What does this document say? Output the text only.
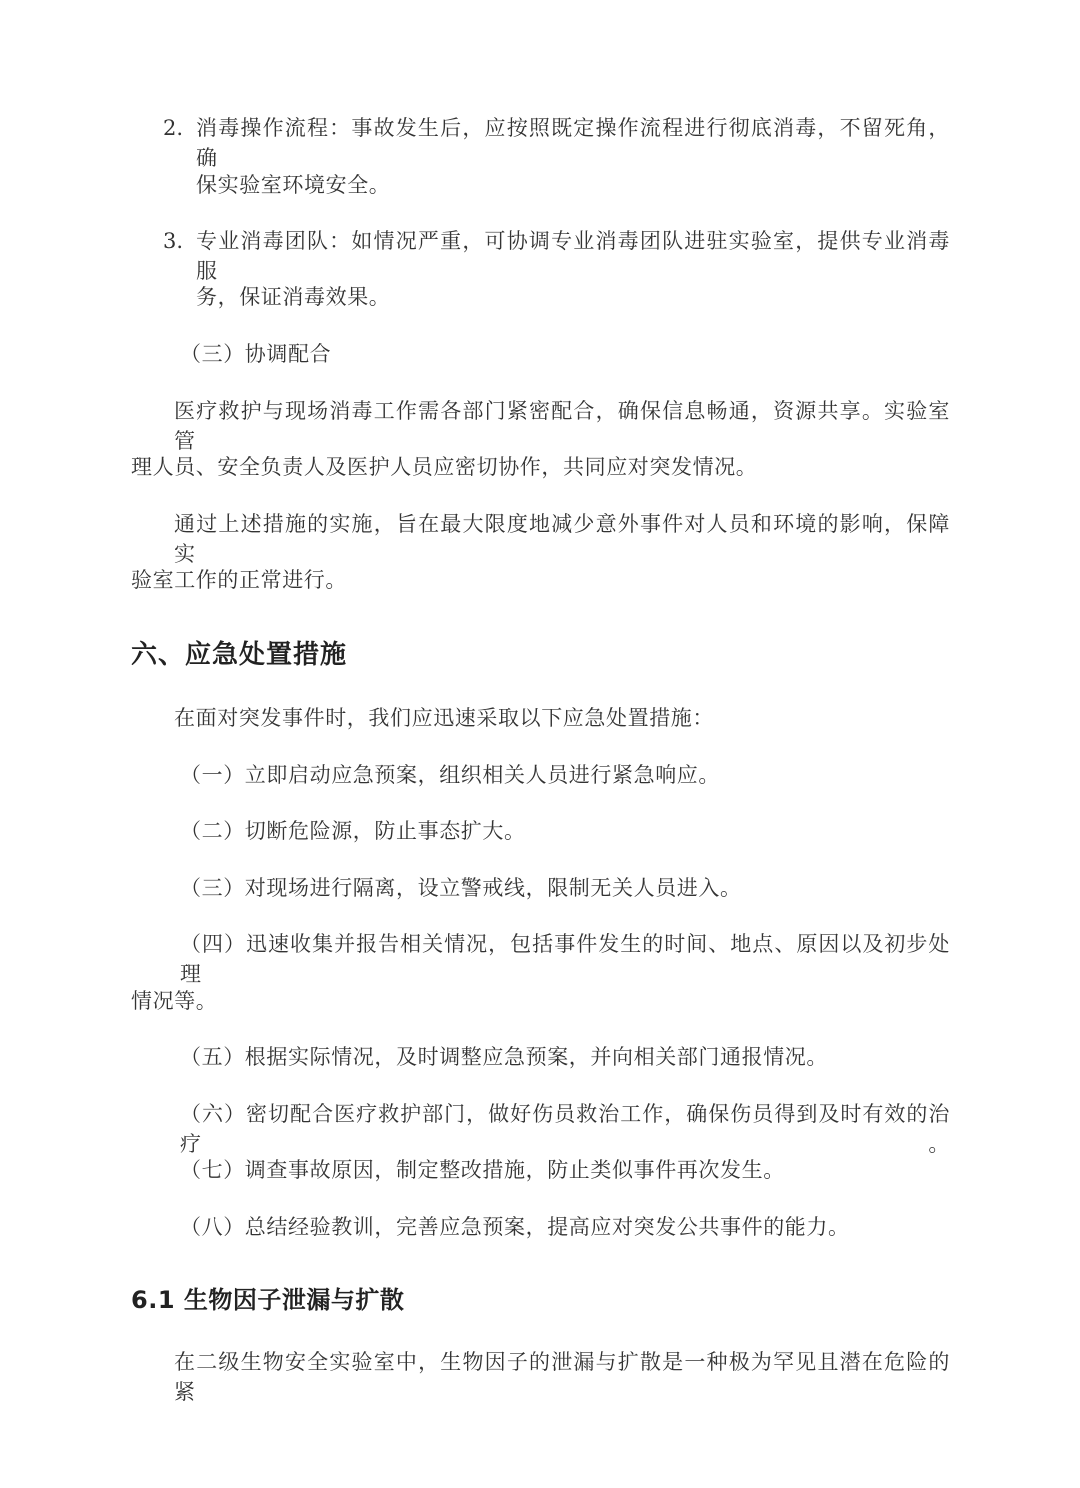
2. 消毒操作流程：事故发生后，应按照既定操作流程进行彻底消毒，不留死角，确
保实验室环境安全。
3. 专业消毒团队：如情况严重，可协调专业消毒团队进驻实验室，提供专业消毒服
务，保证消毒效果。
（三）协调配合
医疗救护与现场消毒工作需各部门紧密配合，确保信息畅通，资源共享。实验室管
理人员、安全负责人及医护人员应密切协作，共同应对突发情况。
通过上述措施的实施，旨在最大限度地减少意外事件对人员和环境的影响，保障实
验室工作的正常进行。
六、应急处置措施
在面对突发事件时，我们应迅速采取以下应急处置措施：
（一）立即启动应急预案，组织相关人员进行紧急响应。
（二）切断危险源，防止事态扩大。
（三）对现场进行隔离，设立警戒线，限制无关人员进入。
（四）迅速收集并报告相关情况，包括事件发生的时间、地点、原因以及初步处理
情况等。
（五）根据实际情况，及时调整应急预案，并向相关部门通报情况。
（六）密切配合医疗救护部门，做好伤员救治工作，确保伤员得到及时有效的治疗。
（七）调查事故原因，制定整改措施，防止类似事件再次发生。
（八）总结经验教训，完善应急预案，提高应对突发公共事件的能力。
6.1 生物因子泄漏与扩散
在二级生物安全实验室中，生物因子的泄漏与扩散是一种极为罕见且潜在危险的紧
